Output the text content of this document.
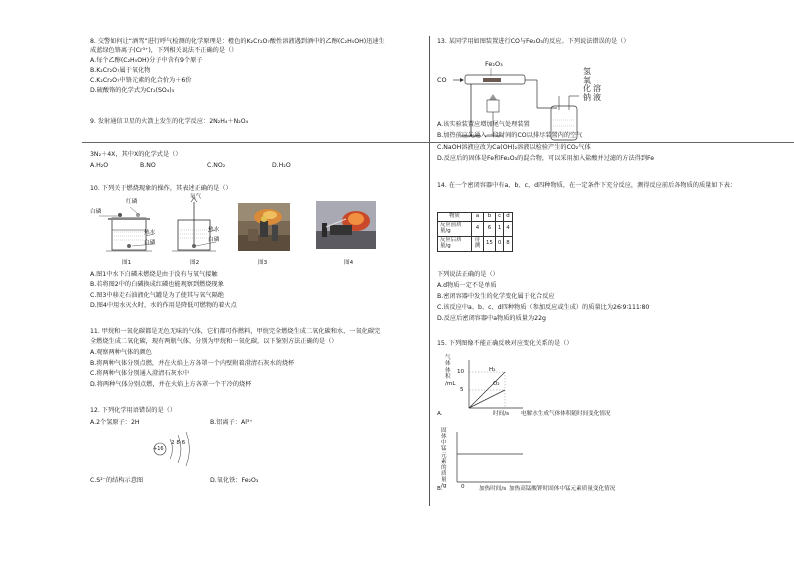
8. 交警如何让“酒驾”进行呼气检测的化学原理是：橙色的K₂Cr₂O₇酸性溶液遇到酒中的乙醇(C₂H₅OH)迅速生
成蓝绿色铬离子(Cr³⁺)，下列相关说法不正确的是（）
A.每个乙醇(C₂H₅OH)分子中含有9个原子
B.K₂Cr₂O₇属于氧化物
C.K₂Cr₂O₇中铬元素的化合价为＋6价
D.硫酸铬的化学式为Cr₂(SO₄)₃
9. 发射通信卫星的火箭上发生的化学反应：2N₂H₄＋N₂O₄
3N₂＋4X，其中X的化学式是（）
A.H₂O	B.NO	C.NO₂	D.H₂O
10. 下列关于燃烧现象的操作，其表述正确的是（）
红磷
白磷
热水
白磷
氧气
热水
白磷
图1	图2	图3	图4
A.图1中水下白磷未燃烧是由于没有与氧气接触
B.若将图2中的白磷换成红磷也能观察到燃烧现象
C.图3中移走石油液化气罐是为了使其与氧气隔绝
D.图4中用水灭火时，水的作用是降低可燃物的着火点
11. 甲烷和一氧化碳都是无色无味的气体，它们都可作燃料，甲烷完全燃烧生成二氧化碳和水，一氧化碳完
全燃烧生成二氧化碳，现有两瓶气体，分别为甲烷和一氧化碳，以下鉴别方法正确的是（）
A.观察两种气体的颜色
B.将两种气体分别点燃，并在火焰上方各罩一个内壁附着澄清石灰水的烧杯
C.将两种气体分别通入澄清石灰水中
D.将两种气体分别点燃，并在火焰上方各罩一个干冷的烧杯
12. 下列化学用语错误的是（）
A.2个氢原子：2H	B.铝离子：Al³⁺
+16
2 8 6
C.S²⁻的结构示意图	D.氧化铁：Fe₂O₃
13. 某同学用如图装置进行CO与Fe₂O₃的反应。下列说法错误的是（）
CO
Fe₂O₃
氢
氧
化
钠
溶
液
A.该实验装置应增加尾气处理装置
B.加热前应先通入一段时间的CO以排尽装置内的空气
C.NaOH溶液应改为Ca(OH)₂溶液以检验产生的CO₂气体
D.反应后的固体是Fe和Fe₂O₃的混合物，可以采用加入盐酸并过滤的方法得到Fe
14. 在一个密闭容器中有a、b、c、d四种物质，在一定条件下充分反应，测得反应前后各物质的质量如下表：
物质	a	b	c	d
反应前质量/g	4	6	1	4
反应后质量/g	待测	15	0	8
下列说法正确的是（）
A.d物质一定不是单质
B.密闭容器中发生的化学变化属于化合反应
C.该反应中a、b、c、d四种物质（参加反应或生成）的质量比为26∶9∶111∶80
D.反应后密闭容器中a物质的质量为22g
15. 下列图像不能正确反映对应变化关系的是（）
气
体
体
积
/mL
10
5
H₂
O₂
A.	时间/s 电解水生成气体体积随时间变化情况
固
体
中
锰
元
素
的
质
量
/g
B.	0	加热时间/s 加热高锰酸钾时固体中锰元素质量变化情况
